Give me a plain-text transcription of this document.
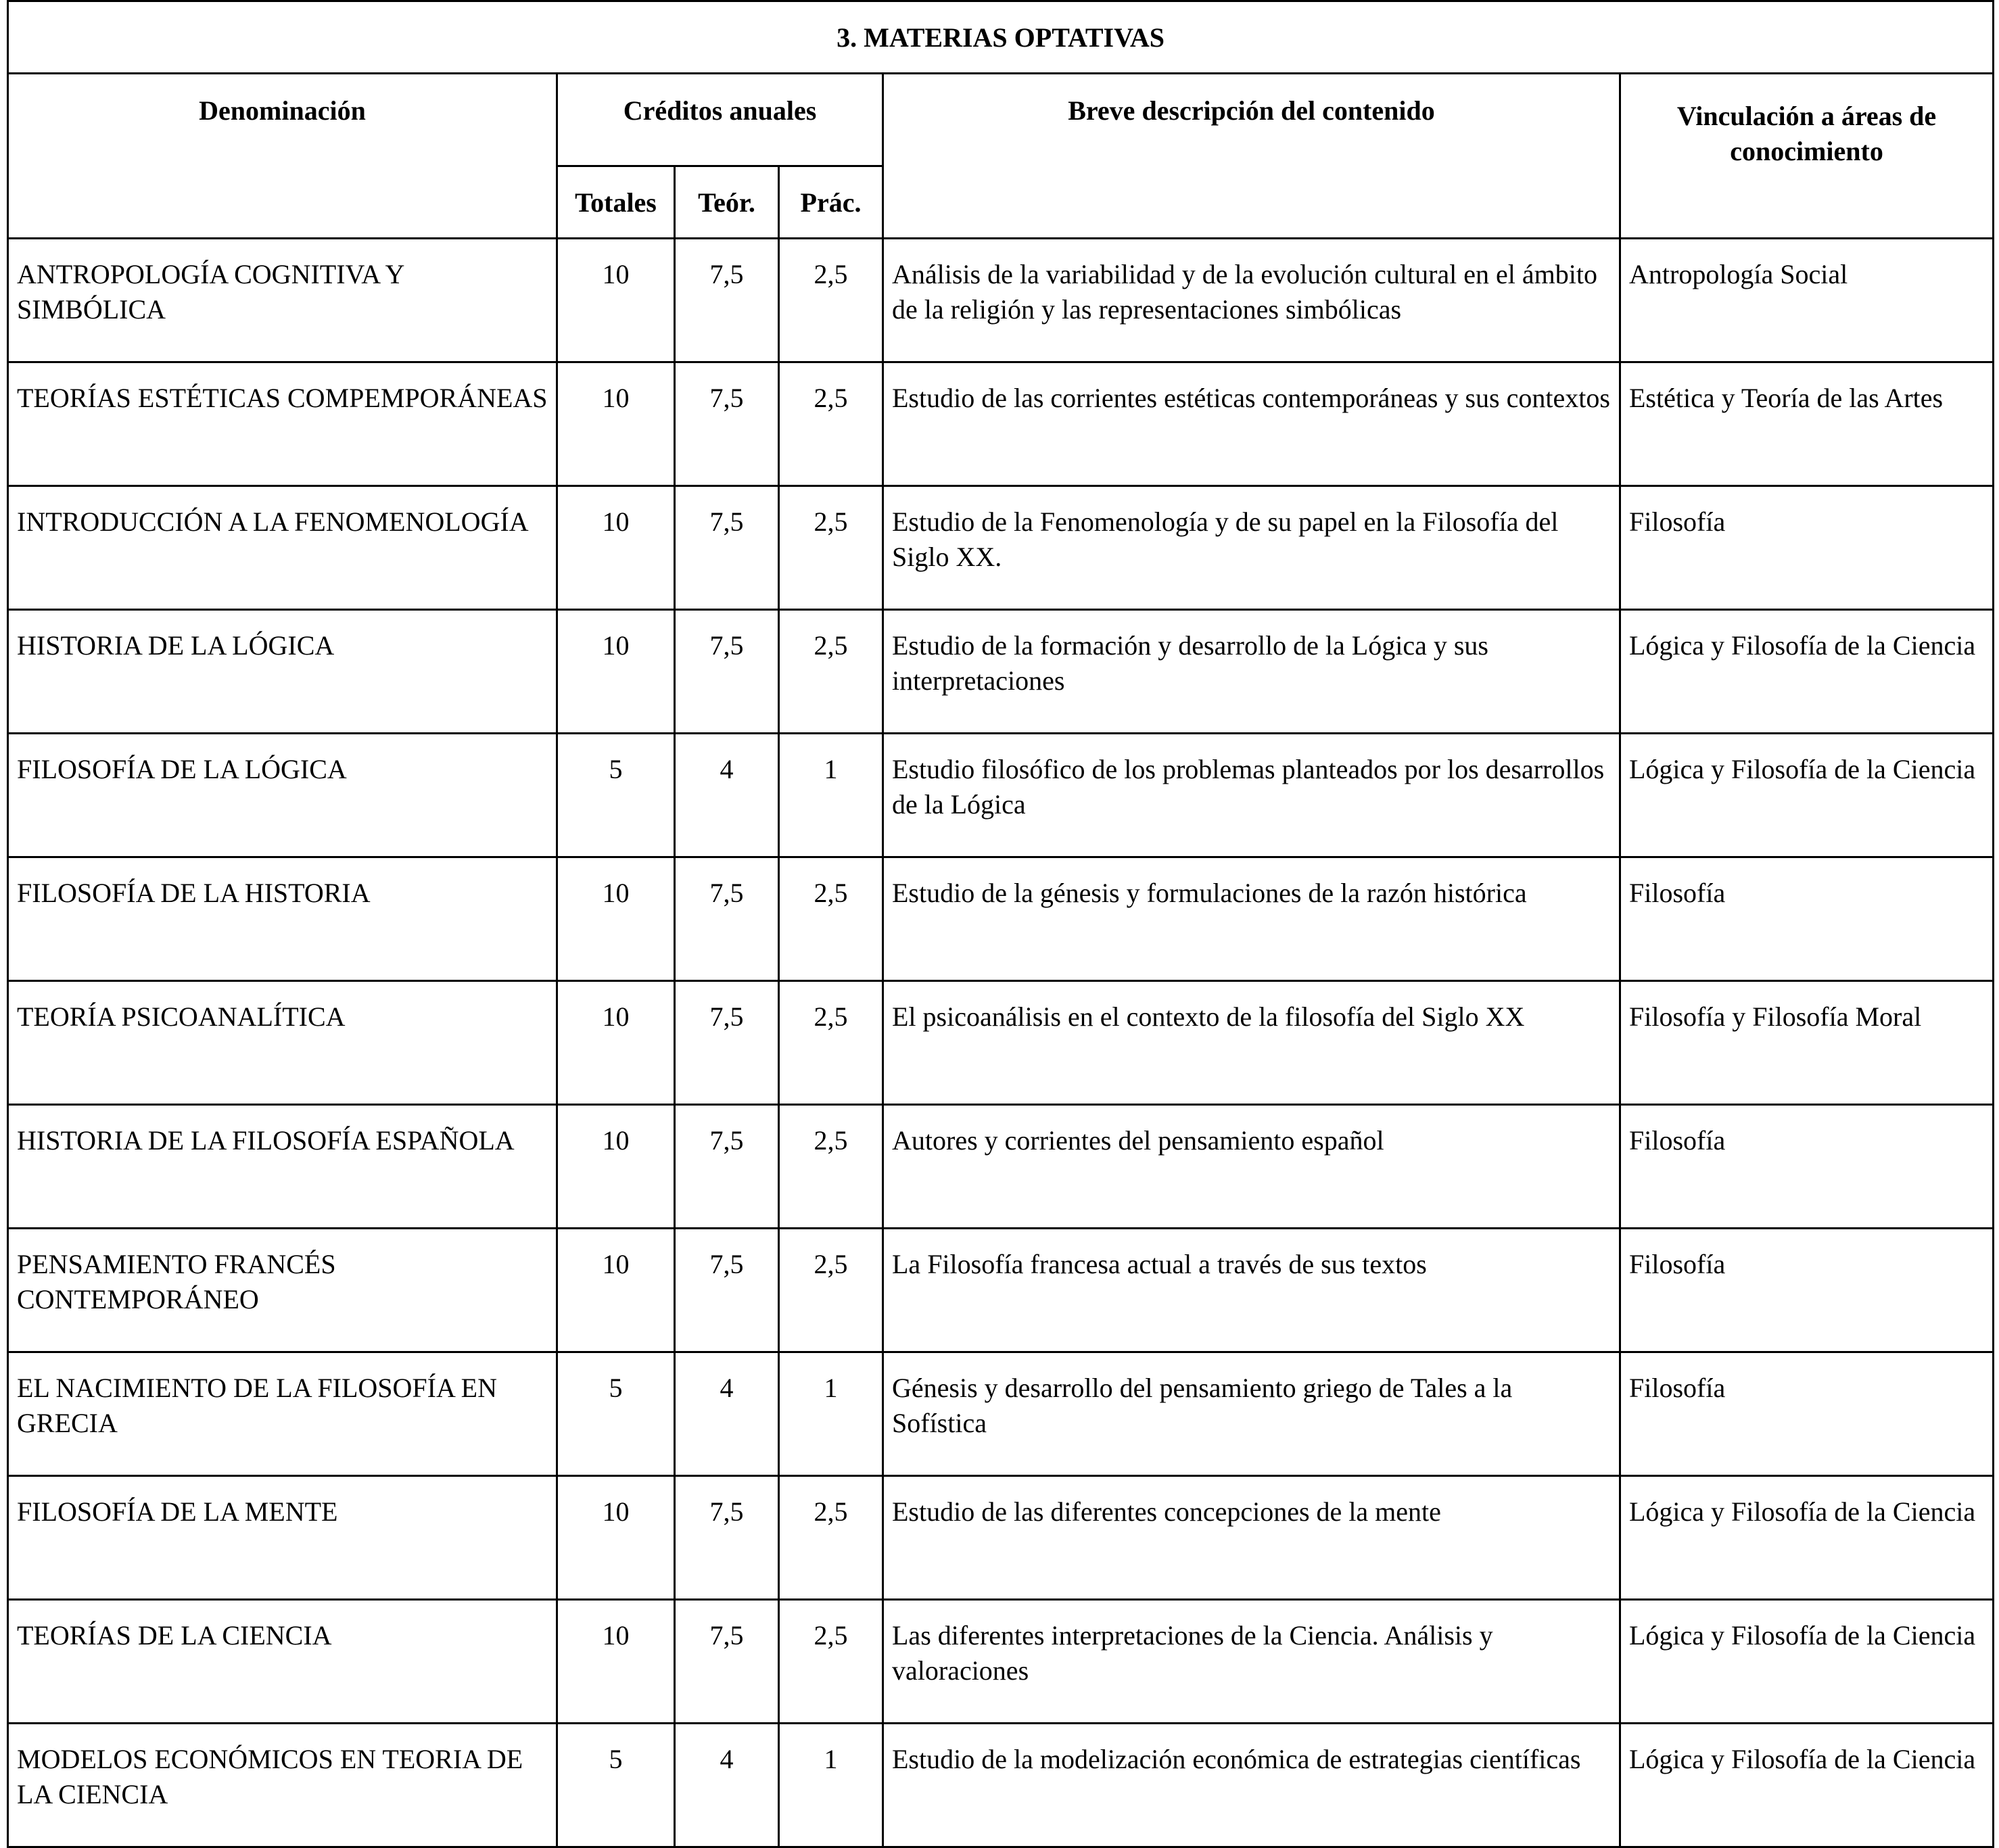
3. MATERIAS OPTATIVAS					
Denominación	Créditos anuales			Breve descripción del contenido	Vinculación a áreas de conocimiento
	Totales	Teór.	Prác.		
ANTROPOLOGÍA COGNITIVA Y SIMBÓLICA	10	7,5	2,5	Análisis de la variabilidad y de la evolución cultural en el ámbito de la religión y las representaciones simbólicas	Antropología Social
TEORÍAS ESTÉTICAS COMPEMPORÁNEAS	10	7,5	2,5	Estudio de las corrientes estéticas contemporáneas y sus contextos	Estética y Teoría de las Artes
INTRODUCCIÓN A LA FENOMENOLOGÍA	10	7,5	2,5	Estudio de la Fenomenología y de su papel en la Filosofía del Siglo XX.	Filosofía
HISTORIA DE LA LÓGICA	10	7,5	2,5	Estudio de la formación y desarrollo de la Lógica y sus interpretaciones	Lógica y Filosofía de la Ciencia
FILOSOFÍA DE LA LÓGICA	5	4	1	Estudio filosófico de los problemas planteados por los desarrollos de la Lógica	Lógica y Filosofía de la Ciencia
FILOSOFÍA DE LA HISTORIA	10	7,5	2,5	Estudio de la génesis y formulaciones de la razón histórica	Filosofía
TEORÍA PSICOANALÍTICA	10	7,5	2,5	El psicoanálisis en el contexto de la filosofía del Siglo XX	Filosofía y Filosofía Moral
HISTORIA DE LA FILOSOFÍA ESPAÑOLA	10	7,5	2,5	Autores y corrientes del pensamiento español	Filosofía
PENSAMIENTO FRANCÉS CONTEMPORÁNEO	10	7,5	2,5	La Filosofía francesa actual a través de sus textos	Filosofía
EL NACIMIENTO DE LA FILOSOFÍA EN GRECIA	5	4	1	Génesis y desarrollo del pensamiento griego de Tales a la Sofística	Filosofía
FILOSOFÍA DE LA MENTE	10	7,5	2,5	Estudio de las diferentes concepciones de la mente	Lógica y Filosofía de la Ciencia
TEORÍAS DE LA CIENCIA	10	7,5	2,5	Las diferentes interpretaciones de la Ciencia. Análisis y valoraciones	Lógica y Filosofía de la Ciencia
MODELOS ECONÓMICOS EN TEORIA DE LA CIENCIA	5	4	1	Estudio de la modelización económica de estrategias científicas	Lógica y Filosofía de la Ciencia
